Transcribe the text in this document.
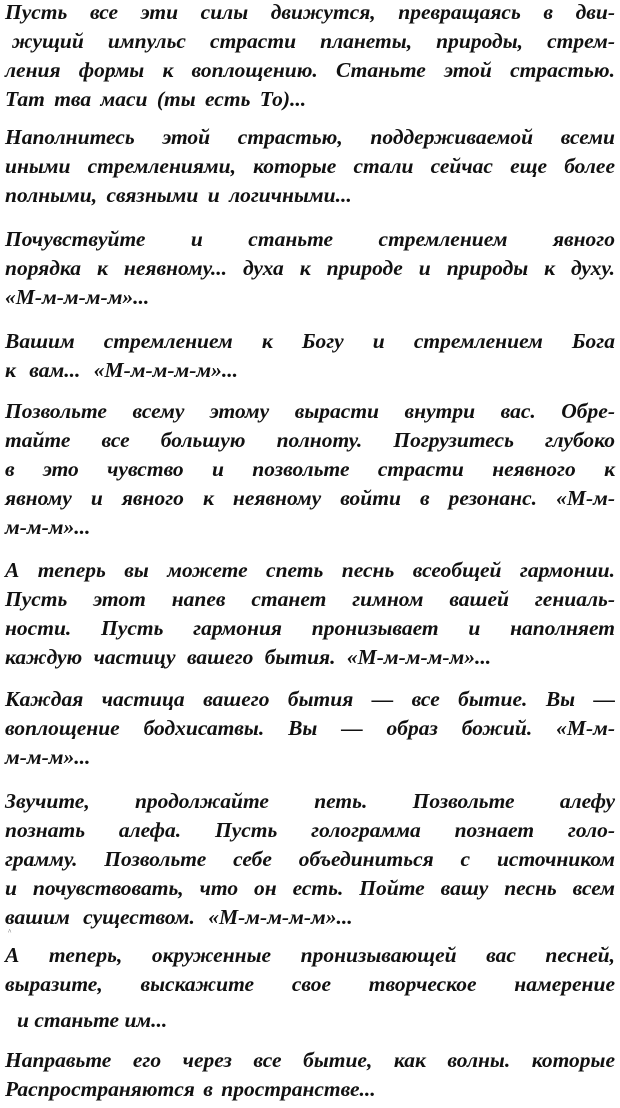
Пусть все эти силы движутся, превращаясь в дви-
жущий импульс страсти планеты, природы, стрем-
ления формы к воплощению. Станьте этой страстью.
Тат тва маси (ты есть То)...
Наполнитесь этой страстью, поддерживаемой всеми
иными стремлениями, которые стали сейчас еще более
полными, связными и логичными...
Почувствуйте и станьте стремлением явного
порядка к неявному... духа к природе и природы к духу.
«М-м-м-м-м»...
Вашим стремлением к Богу и стремлением Бога
к вам... «М-м-м-м-м»...
Позвольте всему этому вырасти внутри вас. Обре-
тайте все большую полноту. Погрузитесь глубоко
в это чувство и позвольте страсти неявного к
явному и явного к неявному войти в резонанс. «М-м-
м-м-м»...
А теперь вы можете спеть песнь всеобщей гармонии.
Пусть этот напев станет гимном вашей гениаль-
ности. Пусть гармония пронизывает и наполняет
каждую частицу вашего бытия. «М-м-м-м-м»...
Каждая частица вашего бытия — все бытие. Вы —
воплощение бодхисатвы. Вы — образ божий. «М-м-
м-м-м»...
Звучите, продолжайте петь. Позвольте алефу
познать алефа. Пусть голограмма познает голо-
грамму. Позвольте себе объединиться с источником
и почувствовать, что он есть. Пойте вашу песнь всем
вашим существом. «М-м-м-м-м»...
^
А теперь, окруженные пронизывающей вас песней,
выразите, выскажите свое творческое намерение
и станьте им...
Направьте его через все бытие, как волны. которые
Распространяются в пространстве...
